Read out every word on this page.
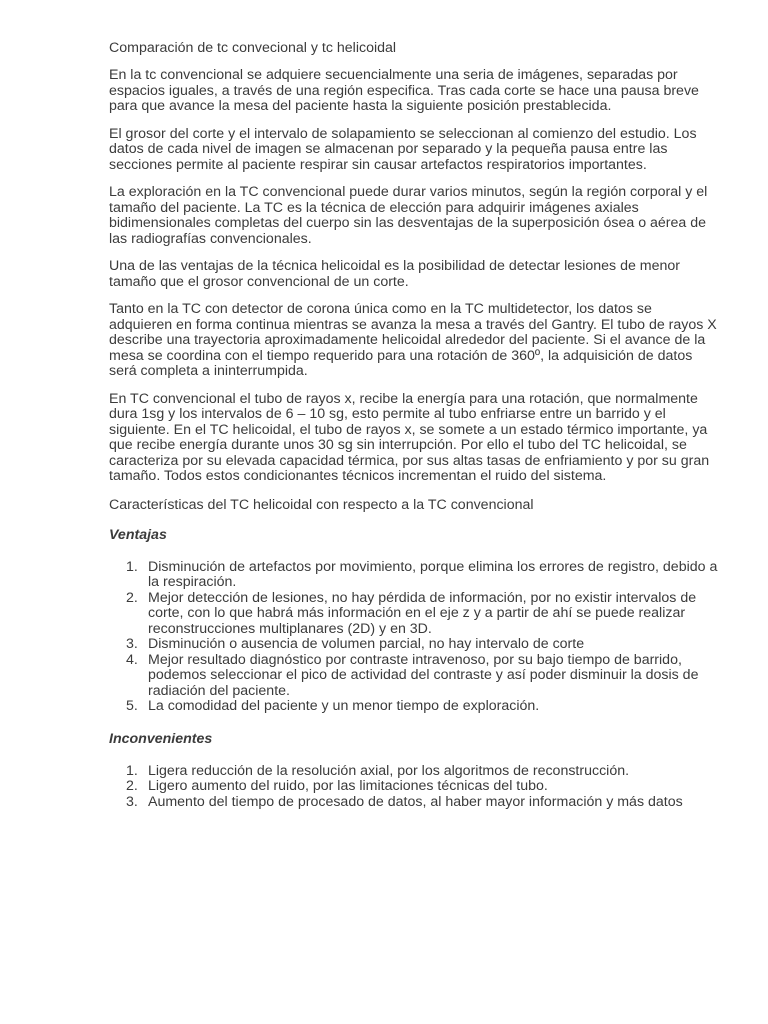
Comparación de tc convecional y tc helicoidal

En la tc convencional se adquiere secuencialmente una seria de imágenes, separadas por espacios iguales, a través de una región especifica. Tras cada corte se hace una pausa breve para que avance la mesa del paciente hasta la siguiente posición prestablecida.

El grosor del corte y el intervalo de solapamiento se seleccionan al comienzo del estudio. Los datos de cada nivel de imagen se almacenan por separado y la pequeña pausa entre las secciones permite al paciente respirar sin causar artefactos respiratorios importantes.

La exploración en la TC convencional puede durar varios minutos, según la región corporal y el tamaño del paciente. La TC es la técnica de elección para adquirir imágenes axiales bidimensionales completas del cuerpo sin las desventajas de la superposición ósea o aérea de las radiografías convencionales.

Una de las ventajas de la técnica helicoidal es la posibilidad de detectar lesiones de menor tamaño que el grosor convencional de un corte.

Tanto en la TC con detector de corona única como en la TC multidetector, los datos se adquieren en forma continua mientras se avanza la mesa a través del Gantry. El tubo de rayos X describe una trayectoria aproximadamente helicoidal alrededor del paciente. Si el avance de la mesa se coordina con el tiempo requerido para una rotación de 360º, la adquisición de datos será completa a ininterrumpida.

En TC convencional el tubo de rayos x, recibe la energía para una rotación, que normalmente dura 1sg y los intervalos de 6 – 10 sg, esto permite al tubo enfriarse entre un barrido y el siguiente. En el TC helicoidal, el tubo de rayos x, se somete a un estado térmico importante, ya que recibe energía durante unos 30 sg sin interrupción. Por ello el tubo del TC helicoidal, se caracteriza por su elevada capacidad térmica, por sus altas tasas de enfriamiento y por su gran tamaño. Todos estos condicionantes técnicos incrementan el ruido del sistema.

Características del TC helicoidal con respecto a la TC convencional
Ventajas
1. Disminución de artefactos por movimiento, porque elimina los errores de registro, debido a la respiración.
2. Mejor detección de lesiones, no hay pérdida de información, por no existir intervalos de corte, con lo que habrá más información en el eje z y a partir de ahí se puede realizar reconstrucciones multiplanares (2D) y en 3D.
3. Disminución o ausencia de volumen parcial, no hay intervalo de corte
4. Mejor resultado diagnóstico por contraste intravenoso, por su bajo tiempo de barrido, podemos seleccionar el pico de actividad del contraste y así poder disminuir la dosis de radiación del paciente.
5. La comodidad del paciente y un menor tiempo de exploración.
Inconvenientes
1. Ligera reducción de la resolución axial, por los algoritmos de reconstrucción.
2. Ligero aumento del ruido, por las limitaciones técnicas del tubo.
3. Aumento del tiempo de procesado de datos, al haber mayor información y más datos
